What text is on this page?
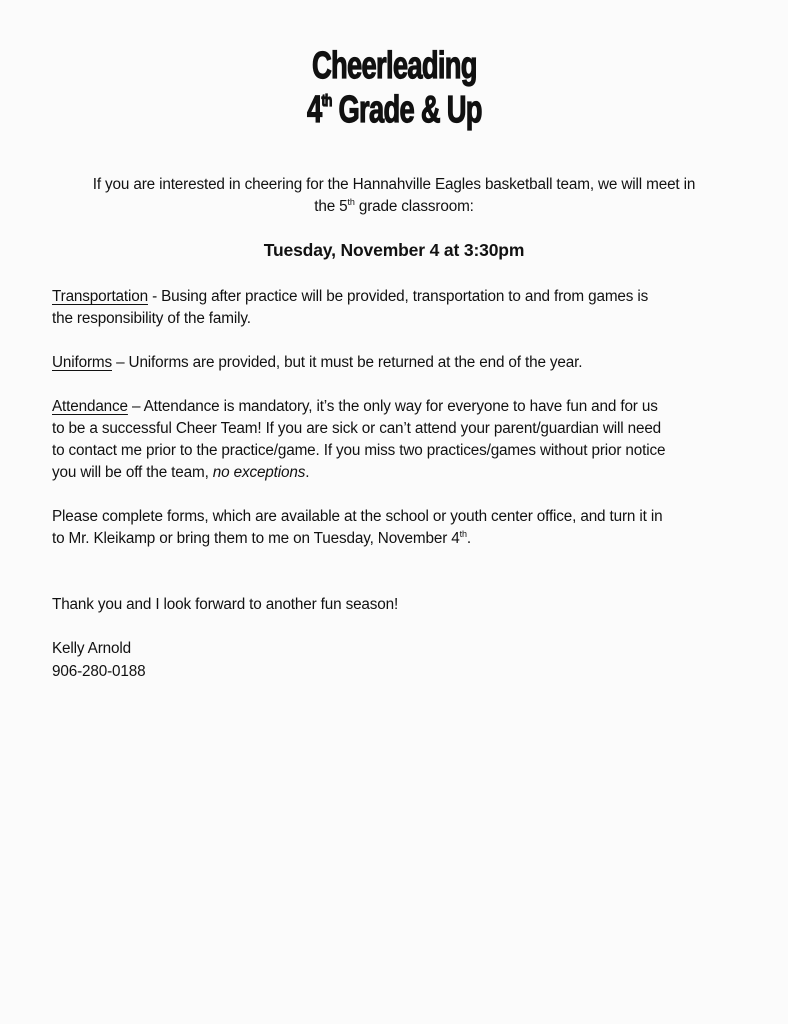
Cheerleading
4 th Grade & Up
If you are interested in cheering for the Hannahville Eagles basketball team, we will meet in
the 5 th grade classroom:
Tuesday, November 4 at 3:30pm
Transportation - Busing after practice will be provided, transportation to and from games is
the responsibility of the family.
Uniforms – Uniforms are provided, but it must be returned at the end of the year.
Attendance – Attendance is mandatory, it’s the only way for everyone to have fun and for us
to be a successful Cheer Team! If you are sick or can’t attend your parent/guardian will need
to contact me prior to the practice/game. If you miss two practices/games without prior notice
you will be off the team, no exceptions .
Please complete forms, which are available at the school or youth center office, and turn it in
to Mr. Kleikamp or bring them to me on Tuesday, November 4 th .
Thank you and I look forward to another fun season!
Kelly Arnold
906-280-0188
